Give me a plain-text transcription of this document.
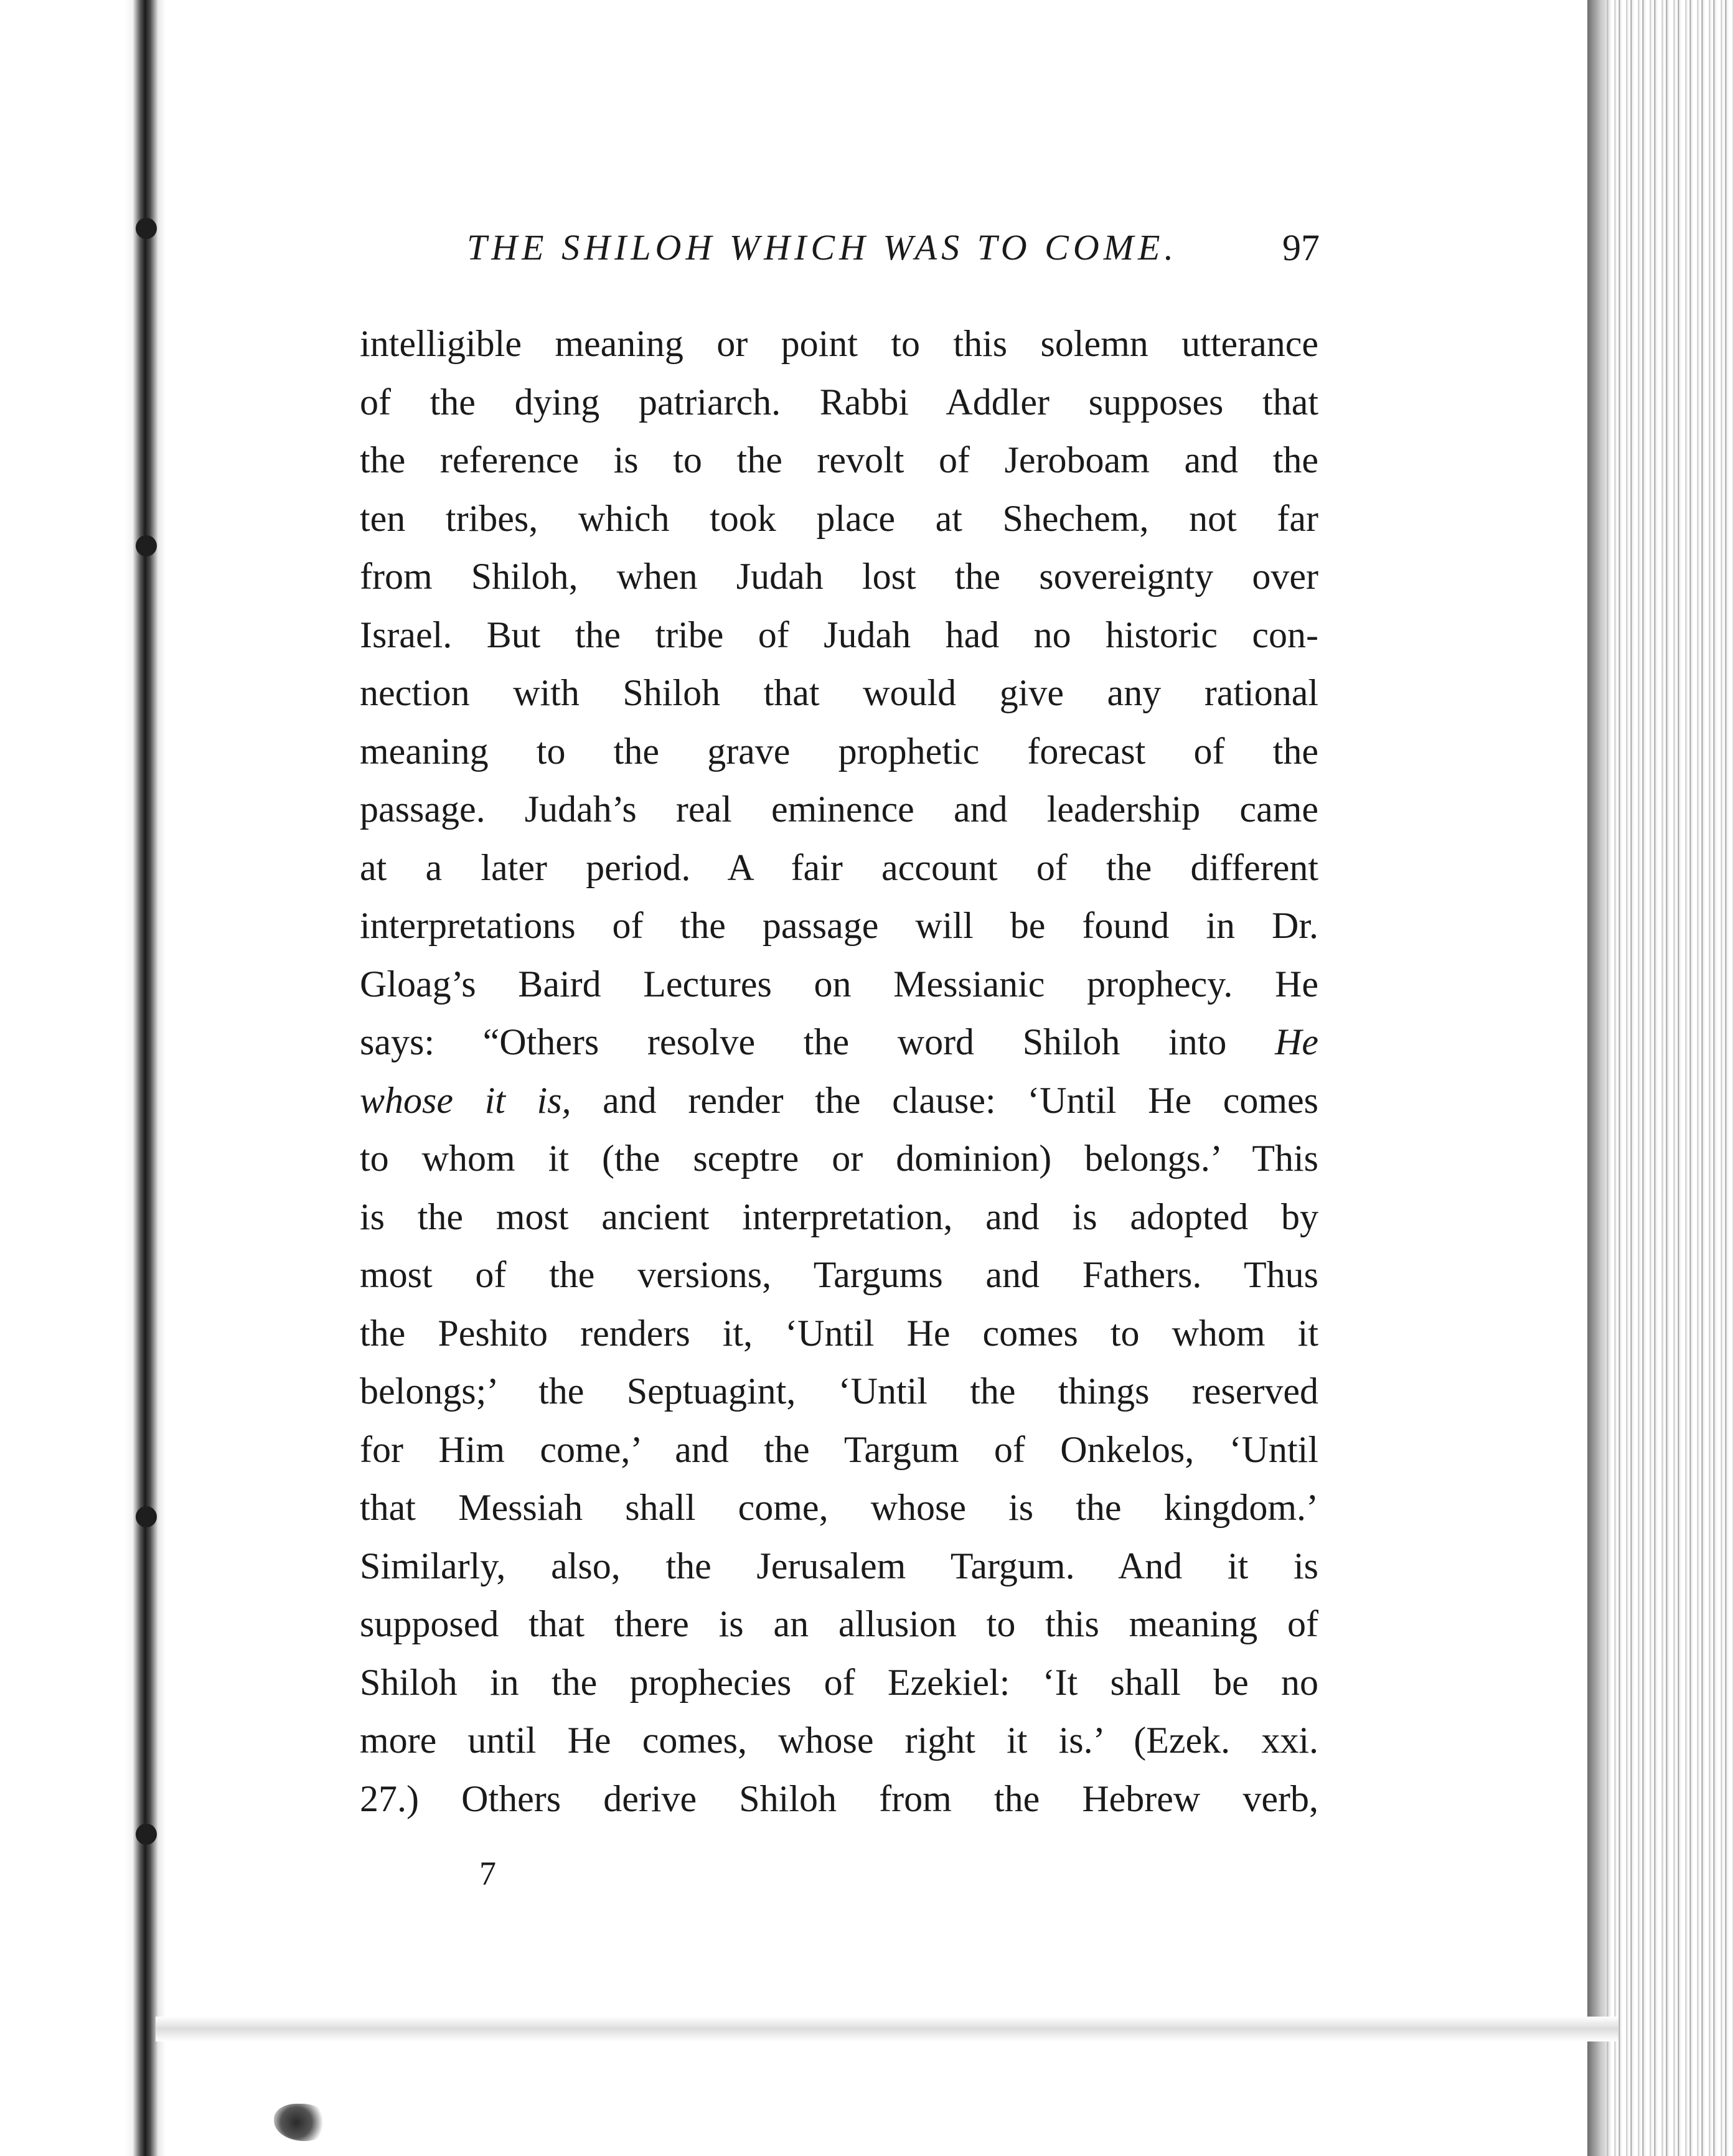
THE SHILOH WHICH WAS TO COME.	97
intelligible meaning or point to this solemn utterance
of the dying patriarch. Rabbi Addler supposes that
the reference is to the revolt of Jeroboam and the
ten tribes, which took place at Shechem, not far
from Shiloh, when Judah lost the sovereignty over
Israel. But the tribe of Judah had no historic con-
nection with Shiloh that would give any rational
meaning to the grave prophetic forecast of the
passage. Judah’s real eminence and leadership came
at a later period. A fair account of the different
interpretations of the passage will be found in Dr.
Gloag’s Baird Lectures on Messianic prophecy. He
says: “Others resolve the word Shiloh into He
whose it is, and render the clause: ‘Until He comes
to whom it (the sceptre or dominion) belongs.’ This
is the most ancient interpretation, and is adopted by
most of the versions, Targums and Fathers. Thus
the Peshito renders it, ‘Until He comes to whom it
belongs;’ the Septuagint, ‘Until the things reserved
for Him come,’ and the Targum of Onkelos, ‘Until
that Messiah shall come, whose is the kingdom.’
Similarly, also, the Jerusalem Targum. And it is
supposed that there is an allusion to this meaning of
Shiloh in the prophecies of Ezekiel: ‘It shall be no
more until He comes, whose right it is.’ (Ezek. xxi.
27.) Others derive Shiloh from the Hebrew verb,
7
